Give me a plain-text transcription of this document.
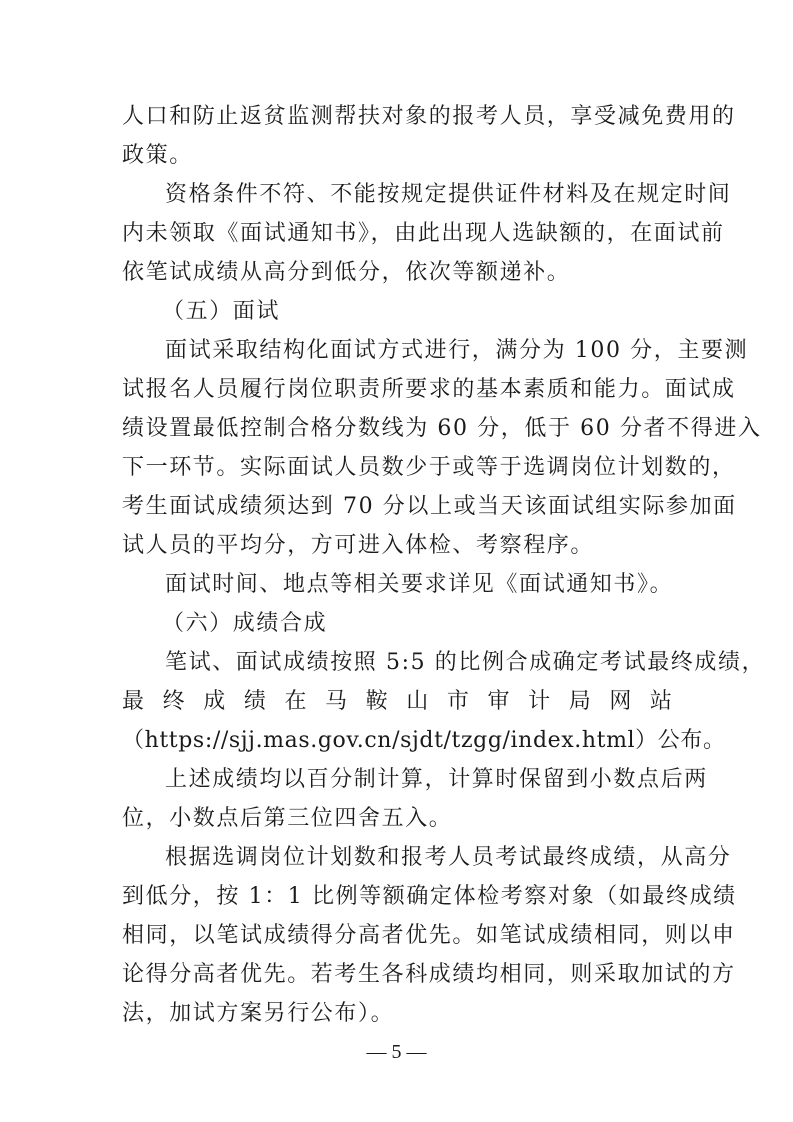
人口和防止返贫监测帮扶对象的报考人员，享受减免费用的
政策。
资格条件不符、不能按规定提供证件材料及在规定时间
内未领取《面试通知书》，由此出现人选缺额的，在面试前
依笔试成绩从高分到低分，依次等额递补。
（五）面试
面试采取结构化面试方式进行，满分为 100 分，主要测
试报名人员履行岗位职责所要求的基本素质和能力。面试成
绩设置最低控制合格分数线为 60 分，低于 60 分者不得进入
下一环节。实际面试人员数少于或等于选调岗位计划数的，
考生面试成绩须达到 70 分以上或当天该面试组实际参加面
试人员的平均分，方可进入体检、考察程序。
面试时间、地点等相关要求详见《面试通知书》。
（六）成绩合成
笔试、面试成绩按照 5:5 的比例合成确定考试最终成绩，
最 终 成 绩 在 马 鞍 山 市 审 计 局 网 站
（https://sjj.mas.gov.cn/sjdt/tzgg/index.html）公布。
上述成绩均以百分制计算，计算时保留到小数点后两
位，小数点后第三位四舍五入。
根据选调岗位计划数和报考人员考试最终成绩，从高分
到低分，按 1：1 比例等额确定体检考察对象（如最终成绩
相同，以笔试成绩得分高者优先。如笔试成绩相同，则以申
论得分高者优先。若考生各科成绩均相同，则采取加试的方
法，加试方案另行公布）。
— 5 —
